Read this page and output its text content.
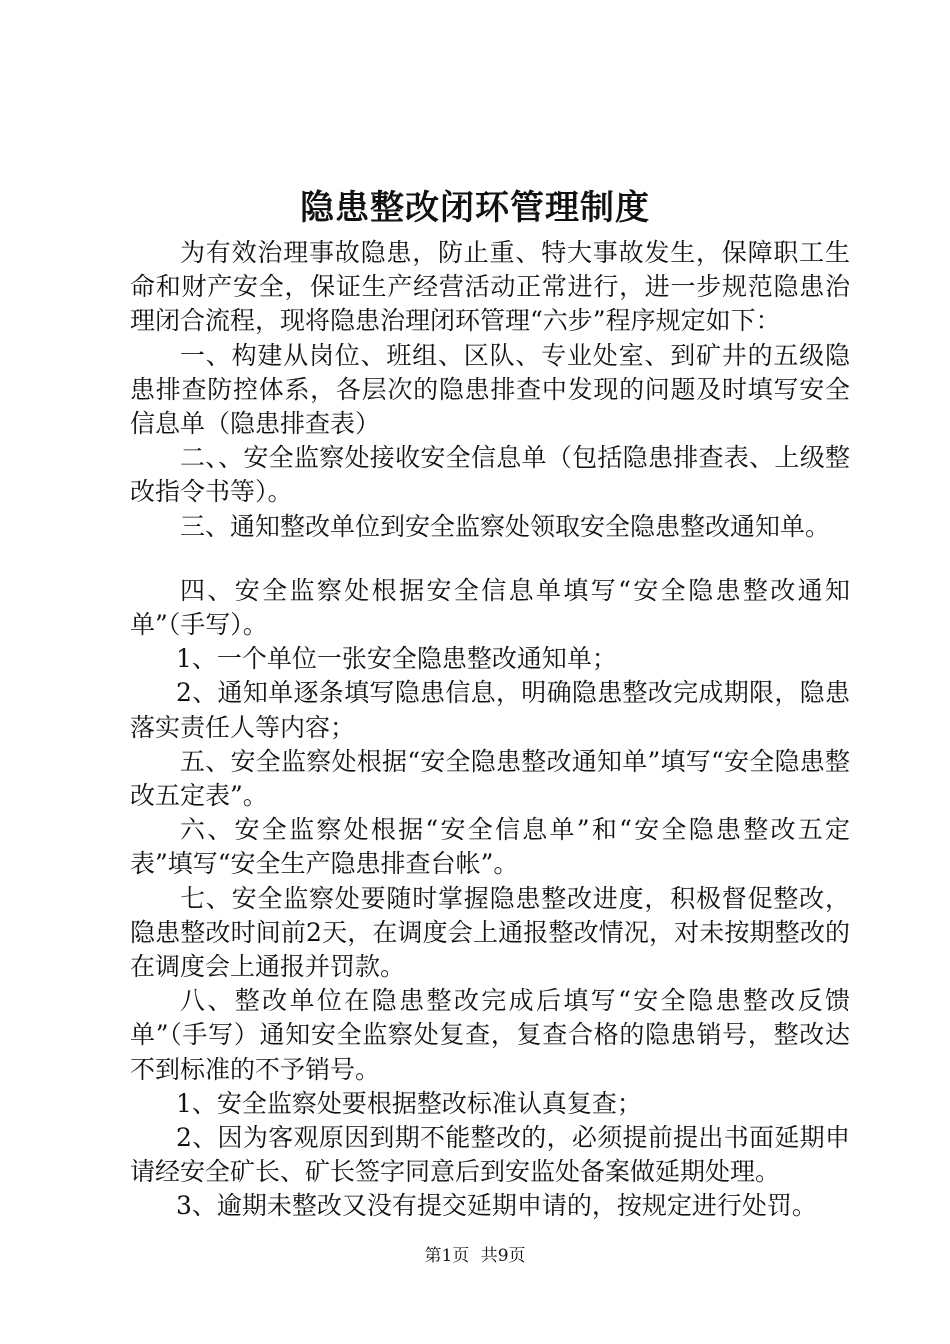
隐患整改闭环管理制度

为有效治理事故隐患，防止重、特大事故发生，保障职工生命和财产安全，保证生产经营活动正常进行，进一步规范隐患治理闭合流程，现将隐患治理闭环管理“六步”程序规定如下：

一、构建从岗位、班组、区队、专业处室、到矿井的五级隐患排查防控体系，各层次的隐患排查中发现的问题及时填写安全信息单（隐患排查表）

二、、安全监察处接收安全信息单（包括隐患排查表、上级整改指令书等）。

三、通知整改单位到安全监察处领取安全隐患整改通知单。

四、安全监察处根据安全信息单填写“安全隐患整改通知单”（手写）。

1、一个单位一张安全隐患整改通知单；

2、通知单逐条填写隐患信息，明确隐患整改完成期限，隐患落实责任人等内容；

五、安全监察处根据“安全隐患整改通知单”填写“安全隐患整改五定表”。

六、安全监察处根据“安全信息单”和“安全隐患整改五定表”填写“安全生产隐患排查台帐”。

七、安全监察处要随时掌握隐患整改进度，积极督促整改，隐患整改时间前2天，在调度会上通报整改情况，对未按期整改的在调度会上通报并罚款。

八、整改单位在隐患整改完成后填写“安全隐患整改反馈单”（手写）通知安全监察处复查，复查合格的隐患销号，整改达不到标准的不予销号。

1、安全监察处要根据整改标准认真复查；

2、因为客观原因到期不能整改的，必须提前提出书面延期申请经安全矿长、矿长签字同意后到安监处备案做延期处理。

3、逾期未整改又没有提交延期申请的，按规定进行处罚。

第1页 共9页
